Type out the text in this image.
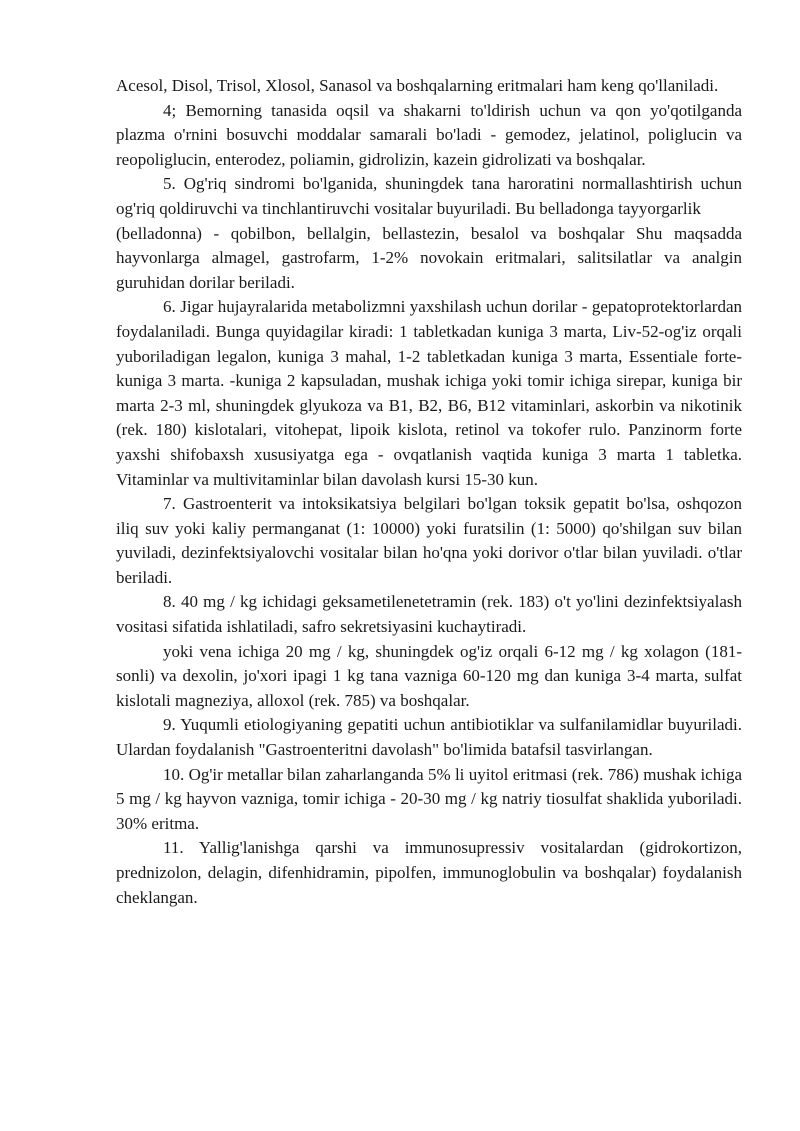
Acesol, Disol, Trisol, Xlosol, Sanasol va boshqalarning eritmalari ham keng qo'llaniladi.

4; Bemorning tanasida oqsil va shakarni to'ldirish uchun va qon yo'qotilganda plazma o'rnini bosuvchi moddalar samarali bo'ladi - gemodez, jelatinol, poliglucin va reopoliglucin, enterodez, poliamin, gidrolizin, kazein gidrolizati va boshqalar.

5. Og'riq sindromi bo'lganida, shuningdek tana haroratini normallashtirish uchun og'riq qoldiruvchi va tinchlantiruvchi vositalar buyuriladi. Bu belladonga tayyorgarlik

(belladonna) - qobilbon, bellalgin, bellastezin, besalol va boshqalar Shu maqsadda hayvonlarga almagel, gastrofarm, 1-2% novokain eritmalari, salitsilatlar va analgin guruhidan dorilar beriladi.

6. Jigar hujayralarida metabolizmni yaxshilash uchun dorilar - gepatoprotektorlardan foydalaniladi. Bunga quyidagilar kiradi: 1 tabletkadan kuniga 3 marta, Liv-52-og'iz orqali yuboriladigan legalon, kuniga 3 mahal, 1-2 tabletkadan kuniga 3 marta, Essentiale forte-kuniga 3 marta. -kuniga 2 kapsuladan, mushak ichiga yoki tomir ichiga sirepar, kuniga bir marta 2-3 ml, shuningdek glyukoza va B1, B2, B6, B12 vitaminlari, askorbin va nikotinik (rek. 180) kislotalari, vitohepat, lipoik kislota, retinol va tokofer rulo. Panzinorm forte yaxshi shifobaxsh xususiyatga ega - ovqatlanish vaqtida kuniga 3 marta 1 tabletka. Vitaminlar va multivitaminlar bilan davolash kursi 15-30 kun.

7. Gastroenterit va intoksikatsiya belgilari bo'lgan toksik gepatit bo'lsa, oshqozon iliq suv yoki kaliy permanganat (1: 10000) yoki furatsilin (1: 5000) qo'shilgan suv bilan yuviladi, dezinfektsiyalovchi vositalar bilan ho'qna yoki dorivor o'tlar bilan yuviladi. o'tlar beriladi.

8. 40 mg / kg ichidagi geksametilenetetramin (rek. 183) o't yo'lini dezinfektsiyalash vositasi sifatida ishlatiladi, safro sekretsiyasini kuchaytiradi.

yoki vena ichiga 20 mg / kg, shuningdek og'iz orqali 6-12 mg / kg xolagon (181-sonli) va dexolin, jo'xori ipagi 1 kg tana vazniga 60-120 mg dan kuniga 3-4 marta, sulfat kislotali magneziya, alloxol (rek. 785) va boshqalar.

9. Yuqumli etiologiyaning gepatiti uchun antibiotiklar va sulfanilamidlar buyuriladi. Ulardan foydalanish "Gastroenteritni davolash" bo'limida batafsil tasvirlangan.

10. Og'ir metallar bilan zaharlanganda 5% li uyitol eritmasi (rek. 786) mushak ichiga 5 mg / kg hayvon vazniga, tomir ichiga - 20-30 mg / kg natriy tiosulfat shaklida yuboriladi. 30% eritma.

11. Yallig'lanishga qarshi va immunosupressiv vositalardan (gidrokortizon, prednizolon, delagin, difenhidramin, pipolfen, immunoglobulin va boshqalar) foydalanish cheklangan.
